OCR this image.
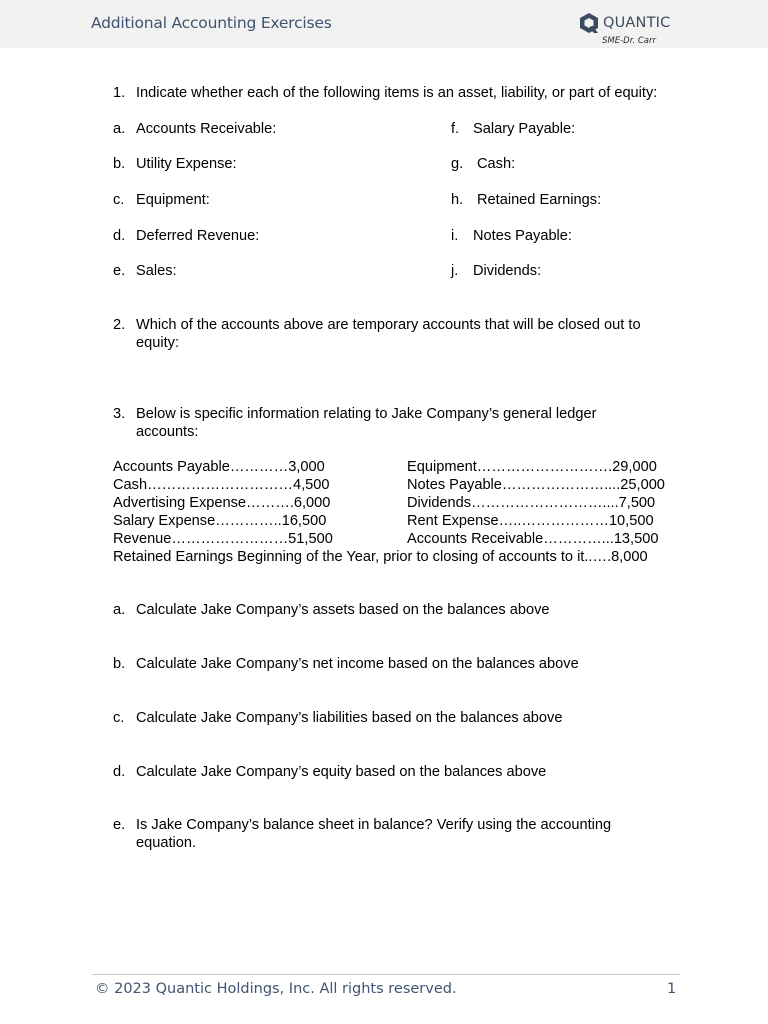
Additional Accounting Exercises	QUANTIC
SME-Dr. Carr
1. Indicate whether each of the following items is an asset, liability, or part of equity:
a. Accounts Receivable:
b. Utility Expense:
c. Equipment:
d. Deferred Revenue:
e. Sales:
f. Salary Payable:
g. Cash:
h. Retained Earnings:
i. Notes Payable:
j. Dividends:
2. Which of the accounts above are temporary accounts that will be closed out to
equity:
3. Below is specific information relating to Jake Company’s general ledger
accounts:
Accounts Payable…………3,000
Cash…………………………4,500
Advertising Expense……….6,000
Salary Expense…………..16,500
Revenue……………………51,500
Equipment……………………….29,000
Notes Payable…………………....25,000
Dividends………………………....7,500
Rent Expense…..………………10,500
Accounts Receivable…………...13,500
Retained Earnings Beginning of the Year, prior to closing of accounts to it..….8,000
a. Calculate Jake Company’s assets based on the balances above
b. Calculate Jake Company’s net income based on the balances above
c. Calculate Jake Company’s liabilities based on the balances above
d. Calculate Jake Company’s equity based on the balances above
e. Is Jake Company’s balance sheet in balance? Verify using the accounting
equation.
© 2023 Quantic Holdings, Inc. All rights reserved.	1
